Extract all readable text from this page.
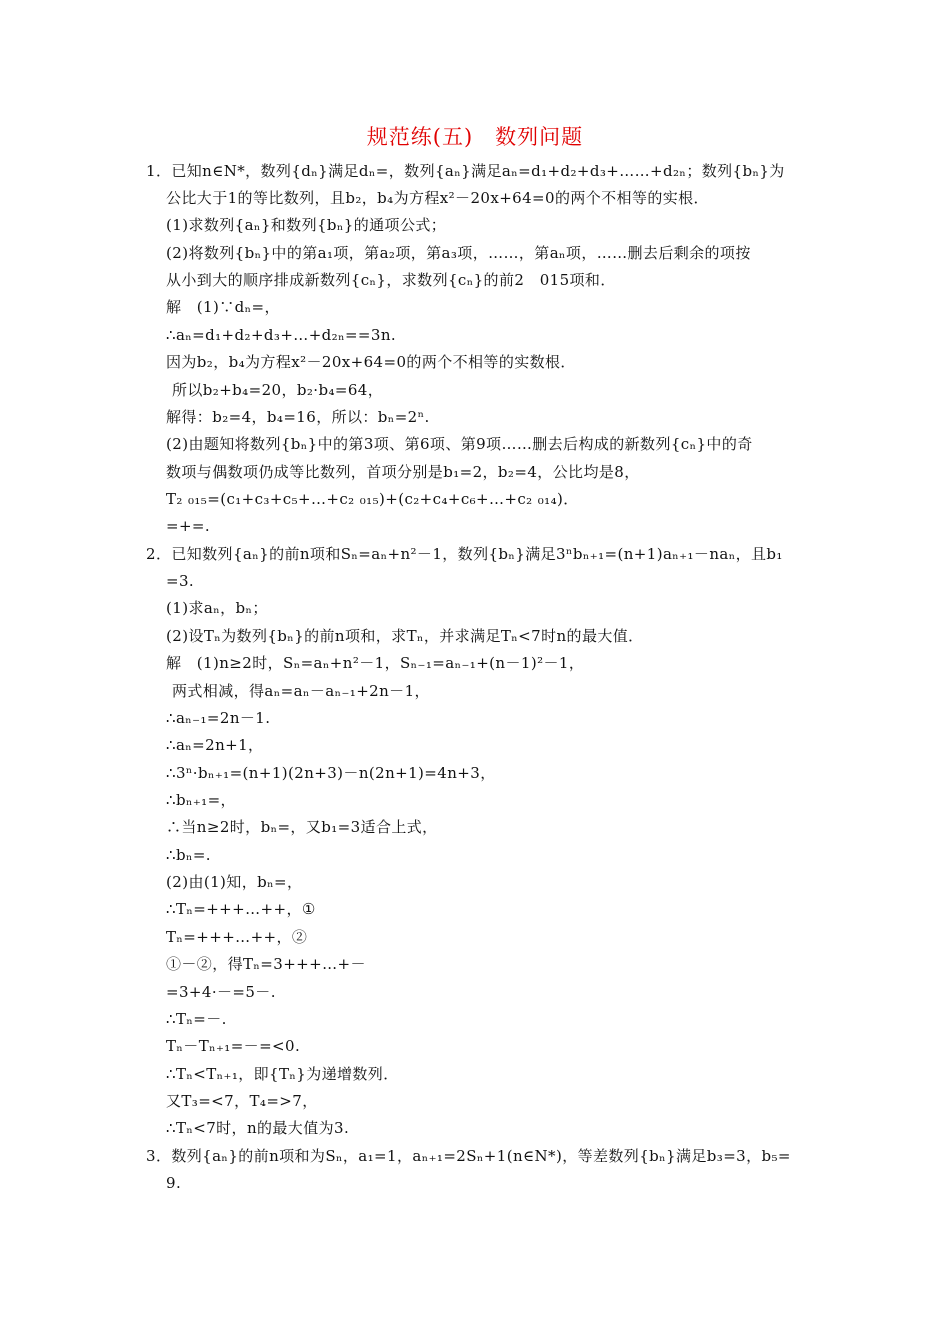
规范练(五)　数列问题
1．已知n∈N*，数列{dₙ}满足dₙ=，数列{aₙ}满足aₙ=d₁+d₂+d₃+……+d₂ₙ；数列{bₙ}为
公比大于1的等比数列，且b₂，b₄为方程x²－20x+64=0的两个不相等的实根．
(1)求数列{aₙ}和数列{bₙ}的通项公式；
(2)将数列{bₙ}中的第a₁项，第a₂项，第a₃项，……，第aₙ项，……删去后剩余的项按
从小到大的顺序排成新数列{cₙ}，求数列{cₙ}的前2　015项和．
解　(1)∵dₙ=，
∴aₙ=d₁+d₂+d₃+…+d₂ₙ==3n.
因为b₂，b₄为方程x²－20x+64=0的两个不相等的实数根．
所以b₂+b₄=20，b₂·b₄=64，
解得：b₂=4，b₄=16，所以：bₙ=2ⁿ.
(2)由题知将数列{bₙ}中的第3项、第6项、第9项……删去后构成的新数列{cₙ}中的奇
数项与偶数项仍成等比数列，首项分别是b₁=2，b₂=4，公比均是8，
T₂ ₀₁₅=(c₁+c₃+c₅+…+c₂ ₀₁₅)+(c₂+c₄+c₆+…+c₂ ₀₁₄)．
=+=.
2．已知数列{aₙ}的前n项和Sₙ=aₙ+n²－1，数列{bₙ}满足3ⁿbₙ₊₁=(n+1)aₙ₊₁－naₙ，且b₁
=3.
(1)求aₙ，bₙ；
(2)设Tₙ为数列{bₙ}的前n项和，求Tₙ，并求满足Tₙ<7时n的最大值．
解　(1)n≥2时，Sₙ=aₙ+n²－1，Sₙ₋₁=aₙ₋₁+(n－1)²－1，
两式相减，得aₙ=aₙ－aₙ₋₁+2n－1，
∴aₙ₋₁=2n－1.
∴aₙ=2n+1，
∴3ⁿ·bₙ₊₁=(n+1)(2n+3)－n(2n+1)=4n+3，
∴bₙ₊₁=，
∴当n≥2时，bₙ=，又b₁=3适合上式，
∴bₙ=.
(2)由(1)知，bₙ=，
∴Tₙ=+++…++，①
Tₙ=+++…++，②
①－②，得Tₙ=3+++…+－
=3+4·－=5－.
∴Tₙ=－.
Tₙ－Tₙ₊₁=－=<0.
∴Tₙ<Tₙ₊₁，即{Tₙ}为递增数列．
又T₃=<7，T₄=>7，
∴Tₙ<7时，n的最大值为3.
3．数列{aₙ}的前n项和为Sₙ，a₁=1，aₙ₊₁=2Sₙ+1(n∈N*)，等差数列{bₙ}满足b₃=3，b₅=
9.
